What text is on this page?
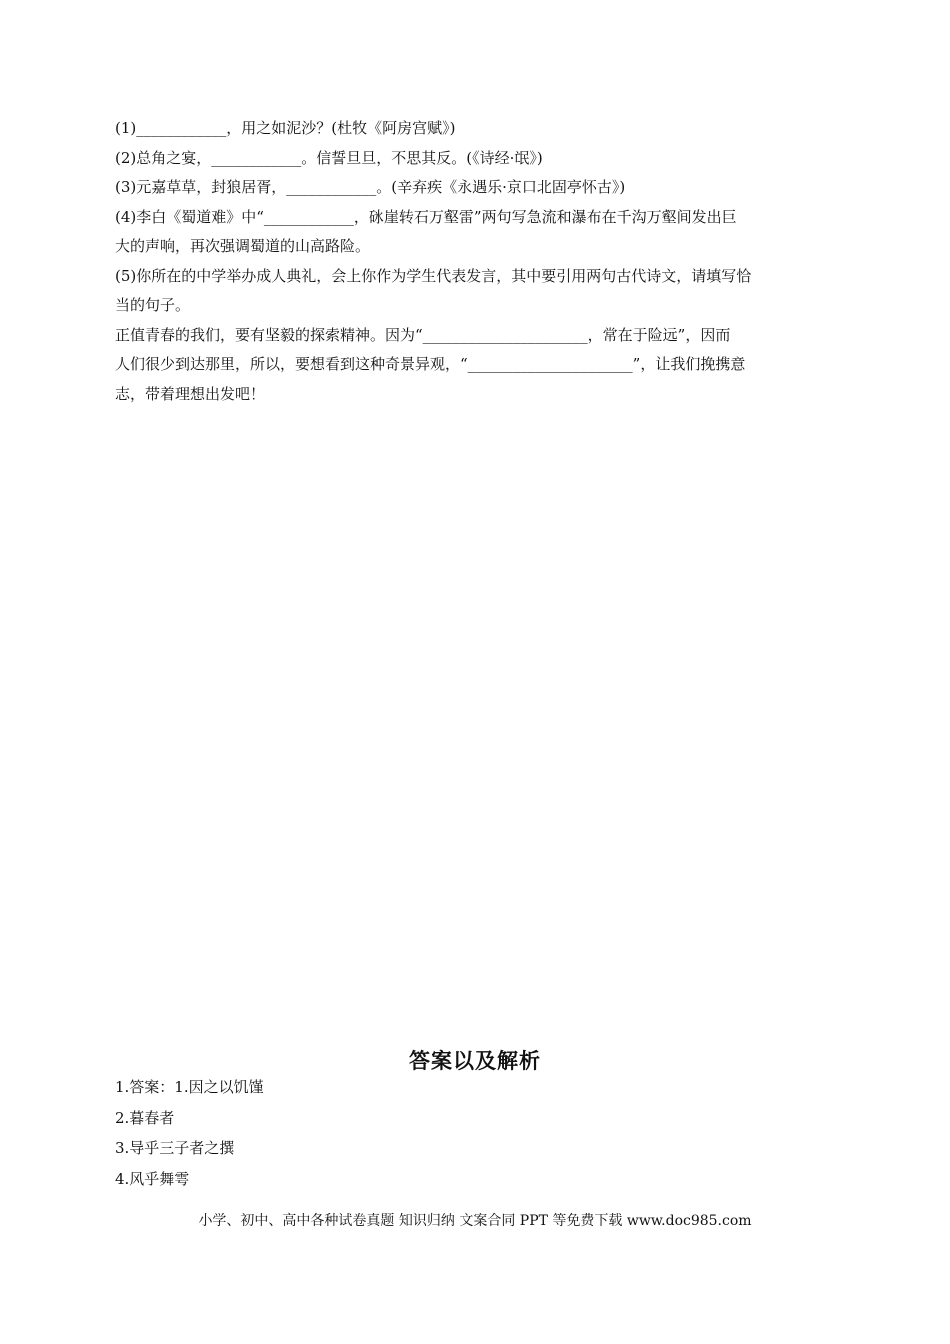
(1)____________，用之如泥沙？(杜牧《阿房宫赋》)
(2)总角之宴，____________。信誓旦旦，不思其反。(《诗经·氓》)
(3)元嘉草草，封狼居胥，____________。(辛弃疾《永遇乐·京口北固亭怀古》)
(4)李白《蜀道难》中“____________，砯崖转石万壑雷”两句写急流和瀑布在千沟万壑间发出巨
大的声响，再次强调蜀道的山高路险。
(5)你所在的中学举办成人典礼，会上你作为学生代表发言，其中要引用两句古代诗文，请填写恰
当的句子。
正值青春的我们，要有坚毅的探索精神。因为“______________________，常在于险远”，因而
人们很少到达那里，所以，要想看到这种奇景异观，“______________________”，让我们挽携意
志，带着理想出发吧！
答案以及解析
1.答案：1.因之以饥馑
2.暮春者
3.导乎三子者之撰
4.风乎舞雩
小学、初中、高中各种试卷真题 知识归纳 文案合同 PPT 等免费下载 www.doc985.com
